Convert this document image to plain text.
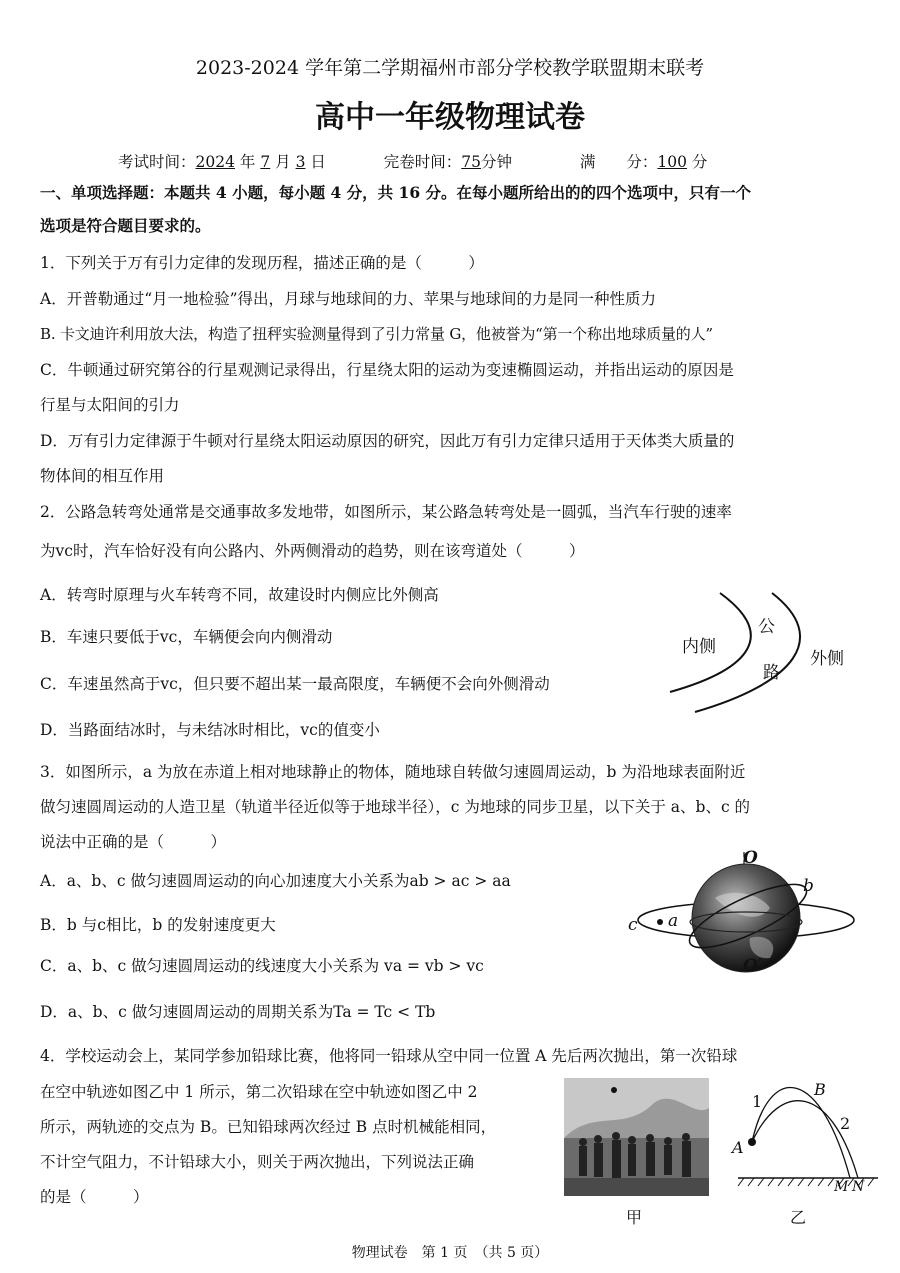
2023-2024 学年第二学期福州市部分学校教学联盟期末联考
高中一年级物理试卷
考试时间：2024 年 7 月 3 日	完卷时间：75分钟	满　　分：100 分
一、单项选择题：本题共 4 小题，每小题 4 分，共 16 分。在每小题所给出的的四个选项中，只有一个
选项是符合题目要求的。
1．下列关于万有引力定律的发现历程，描述正确的是（　　　）
A．开普勒通过“月一地检验”得出，月球与地球间的力、苹果与地球间的力是同一种性质力
B. 卡文迪许利用放大法，构造了扭秤实验测量得到了引力常量 G，他被誉为“第一个称出地球质量的人”
C．牛顿通过研究第谷的行星观测记录得出，行星绕太阳的运动为变速椭圆运动，并指出运动的原因是
行星与太阳间的引力
D．万有引力定律源于牛顿对行星绕太阳运动原因的研究，因此万有引力定律只适用于天体类大质量的
物体间的相互作用
2．公路急转弯处通常是交通事故多发地带，如图所示，某公路急转弯处是一圆弧，当汽车行驶的速率
为vc时，汽车恰好没有向公路内、外两侧滑动的趋势，则在该弯道处（　　　）
A．转弯时原理与火车转弯不同，故建设时内侧应比外侧高
B．车速只要低于vc，车辆便会向内侧滑动
C．车速虽然高于vc，但只要不超出某一最高限度，车辆便不会向外侧滑动
D．当路面结冰时，与未结冰时相比，vc的值变小
内侧
外侧
公
路
3．如图所示，a 为放在赤道上相对地球静止的物体，随地球自转做匀速圆周运动，b 为沿地球表面附近
做匀速圆周运动的人造卫星（轨道半径近似等于地球半径），c 为地球的同步卫星，以下关于 a、b、c 的
说法中正确的是（　　　）
A．a、b、c 做匀速圆周运动的向心加速度大小关系为ab > ac > aa
B．b 与c相比，b 的发射速度更大
C．a、b、c 做匀速圆周运动的线速度大小关系为 va = vb > vc
D．a、b、c 做匀速圆周运动的周期关系为Ta = Tc < Tb
O
O′
a
b
c
4．学校运动会上，某同学参加铅球比赛，他将同一铅球从空中同一位置 A 先后两次抛出，第一次铅球
在空中轨迹如图乙中 1 所示，第二次铅球在空中轨迹如图乙中 2
所示，两轨迹的交点为 B。已知铅球两次经过 B 点时机械能相同，
不计空气阻力，不计铅球大小，则关于两次抛出，下列说法正确
的是（　　　）
甲
1
2
A
B
M N
乙
物理试卷　第 1 页　（共 5 页）
